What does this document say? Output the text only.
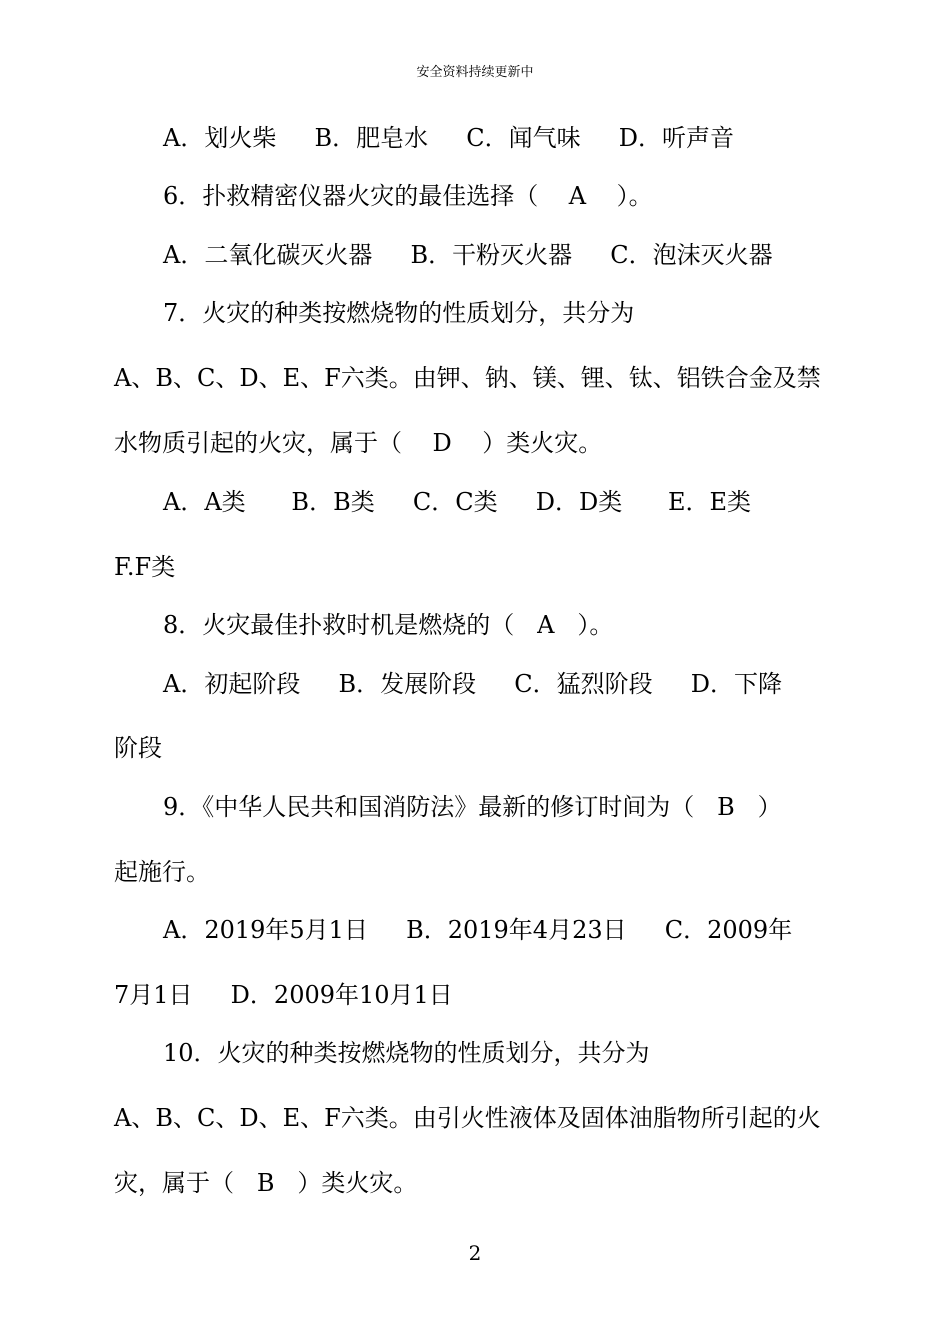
安全资料持续更新中
A．划火柴     B．肥皂水     C．闻气味     D．听声音
6．扑救精密仪器火灾的最佳选择（    A    ）。
A．二氧化碳灭火器     B．干粉灭火器     C．泡沫灭火器
7．火灾的种类按燃烧物的性质划分，共分为
A、B、C、D、E、F六类。由钾、钠、镁、锂、钛、铝铁合金及禁
水物质引起的火灾，属于（    D    ）类火灾。
A．A类      B．B类     C．C类     D．D类      E．E类
F.F类
8．火灾最佳扑救时机是燃烧的（   A   ）。
A．初起阶段     B．发展阶段     C．猛烈阶段     D．下降
阶段
9．《中华人民共和国消防法》最新的修订时间为（   B   ）
起施行。
A．2019年5月1日     B．2019年4月23日     C．2009年
7月1日     D．2009年10月1日
10．火灾的种类按燃烧物的性质划分，共分为
A、B、C、D、E、F六类。由引火性液体及固体油脂物所引起的火
灾，属于（   B   ）类火灾。
2
